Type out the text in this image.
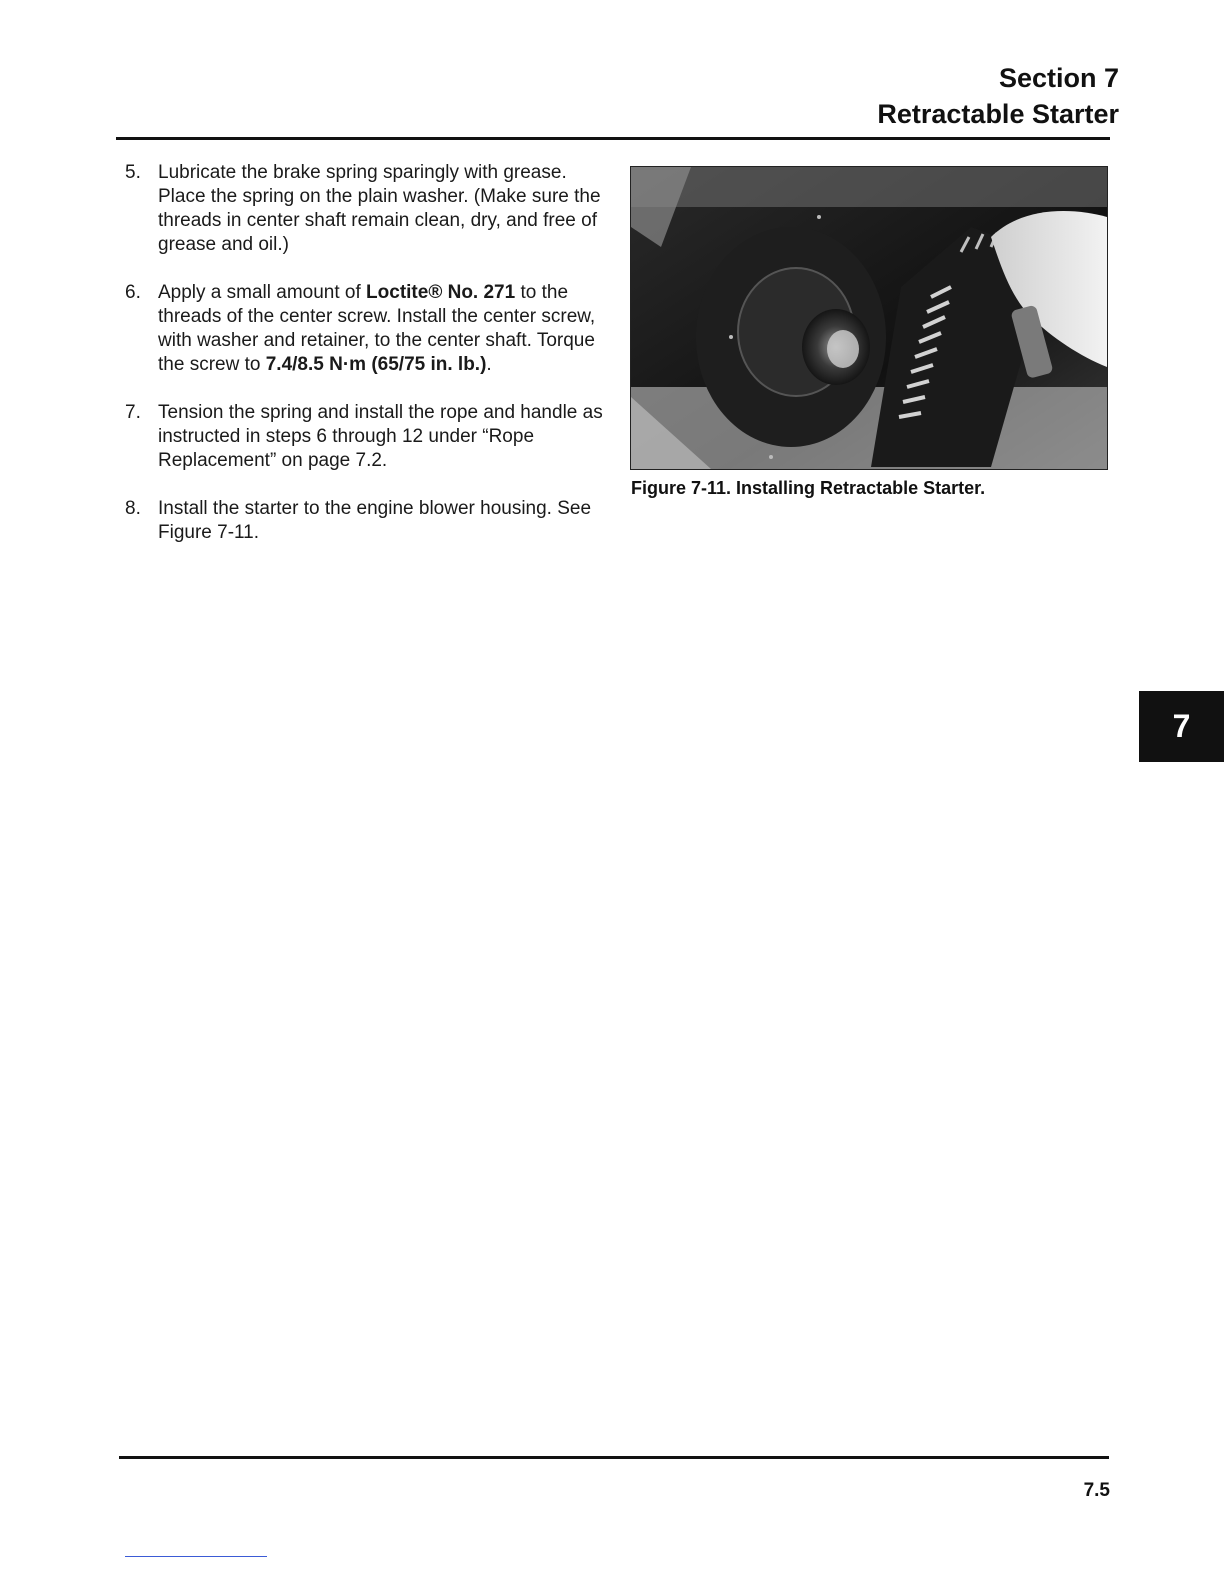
Section 7
Retractable Starter
5. Lubricate the brake spring sparingly with grease. Place the spring on the plain washer. (Make sure the threads in center shaft remain clean, dry, and free of grease and oil.)
6. Apply a small amount of Loctite® No. 271 to the threads of the center screw. Install the center screw, with washer and retainer, to the center shaft. Torque the screw to 7.4/8.5 N·m (65/75 in. lb.).
7. Tension the spring and install the rope and handle as instructed in steps 6 through 12 under “Rope Replacement” on page 7.2.
8. Install the starter to the engine blower housing. See Figure 7-11.
Figure 7-11. Installing Retractable Starter.
7
7.5
